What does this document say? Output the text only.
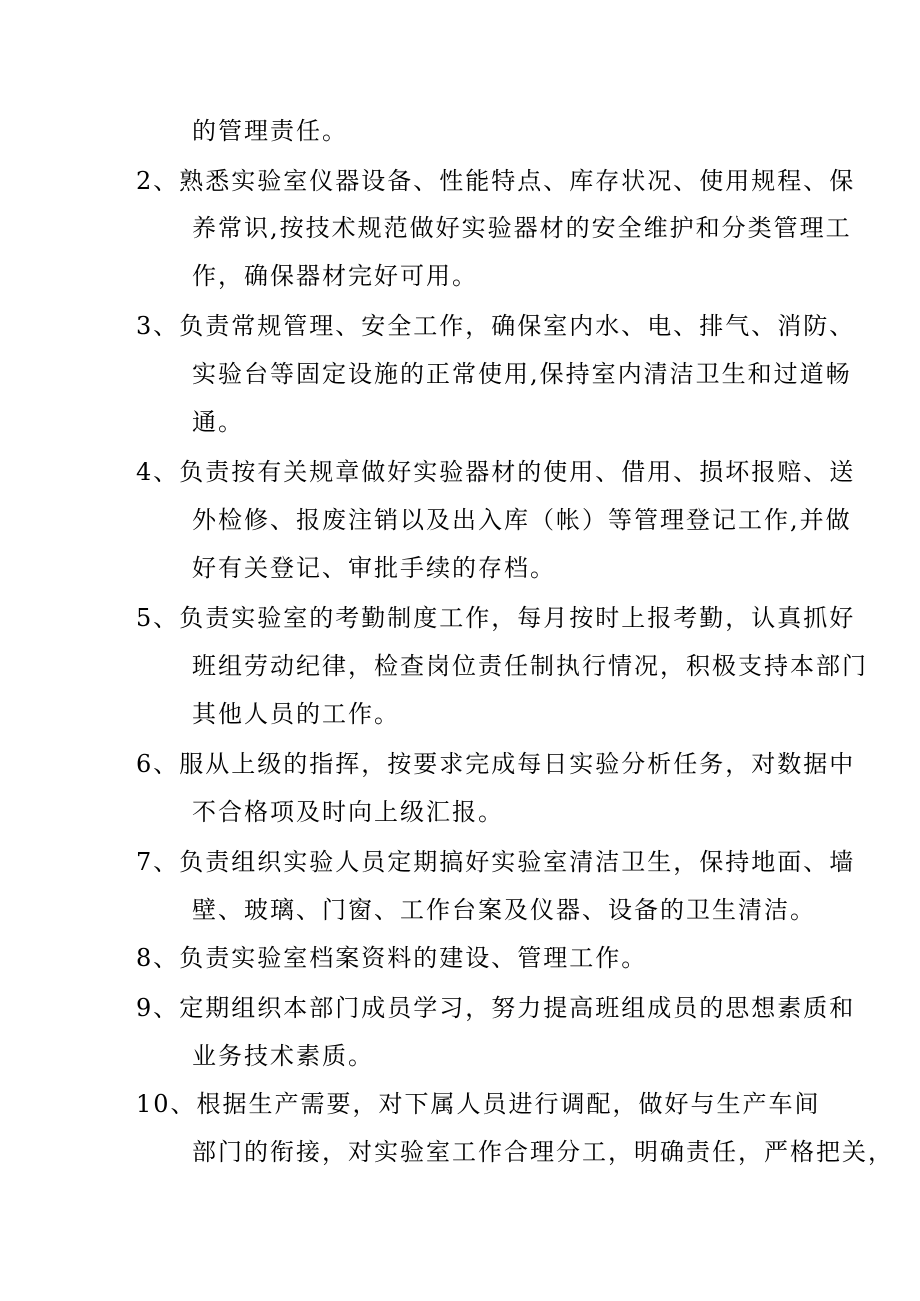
的管理责任。
2、熟悉实验室仪器设备、性能特点、库存状况、使用规程、保
养常识,按技术规范做好实验器材的安全维护和分类管理工
作，确保器材完好可用。
3、负责常规管理、安全工作，确保室内水、电、排气、消防、
实验台等固定设施的正常使用,保持室内清洁卫生和过道畅
通。
4、负责按有关规章做好实验器材的使用、借用、损坏报赔、送
外检修、报废注销以及出入库（帐）等管理登记工作,并做
好有关登记、审批手续的存档。
5、负责实验室的考勤制度工作，每月按时上报考勤，认真抓好
班组劳动纪律，检查岗位责任制执行情况，积极支持本部门
其他人员的工作。
6、服从上级的指挥，按要求完成每日实验分析任务，对数据中
不合格项及时向上级汇报。
7、负责组织实验人员定期搞好实验室清洁卫生，保持地面、墙
壁、玻璃、门窗、工作台案及仪器、设备的卫生清洁。
8、负责实验室档案资料的建设、管理工作。
9、定期组织本部门成员学习，努力提高班组成员的思想素质和
业务技术素质。
10、根据生产需要，对下属人员进行调配，做好与生产车间
部门的衔接，对实验室工作合理分工，明确责任，严格把关，
